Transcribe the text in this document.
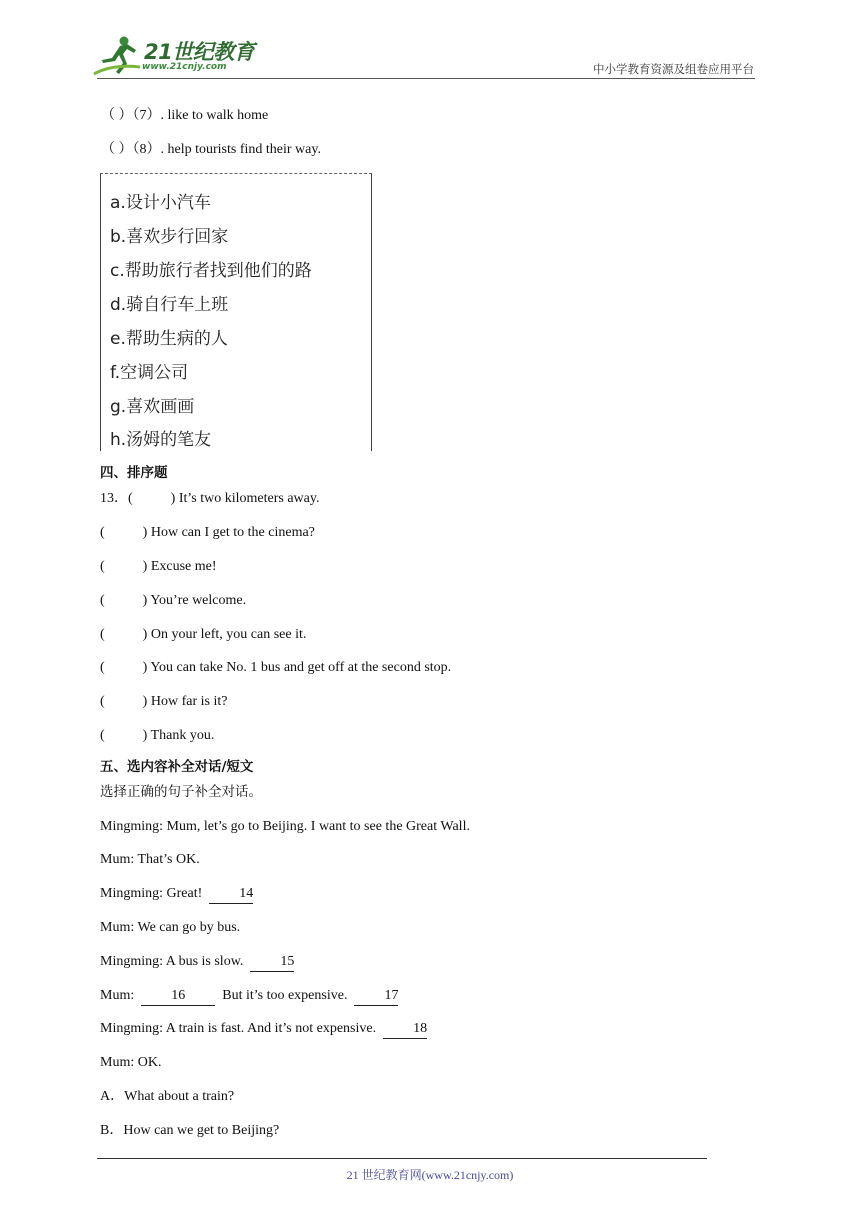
21世纪教育
www.21cnjy.com	中小学教育资源及组卷应用平台
（ ）（7）. like to walk home
（ ）（8）. help tourists find their way.
a.设计小汽车
b.喜欢步行回家
c.帮助旅行者找到他们的路
d.骑自行车上班
e.帮助生病的人
f.空调公司
g.喜欢画画
h.汤姆的笔友
四、排序题
13．(	) It’s two kilometers away.
(	) How can I get to the cinema?
(	) Excuse me!
(	) You’re welcome.
(	) On your left, you can see it.
(	) You can take No. 1 bus and get off at the second stop.
(	) How far is it?
(	) Thank you.
五、选内容补全对话/短文
选择正确的句子补全对话。
Mingming: Mum, let’s go to Beijing. I want to see the Great Wall.
Mum: That’s OK.
Mingming: Great!	14
Mum: We can go by bus.
Mingming: A bus is slow.	15
Mum:	16	But it’s too expensive.	17
Mingming: A train is fast. And it’s not expensive.	18
Mum: OK.
A．What about a train?
B．How can we get to Beijing?
21 世纪教育网(www.21cnjy.com)
